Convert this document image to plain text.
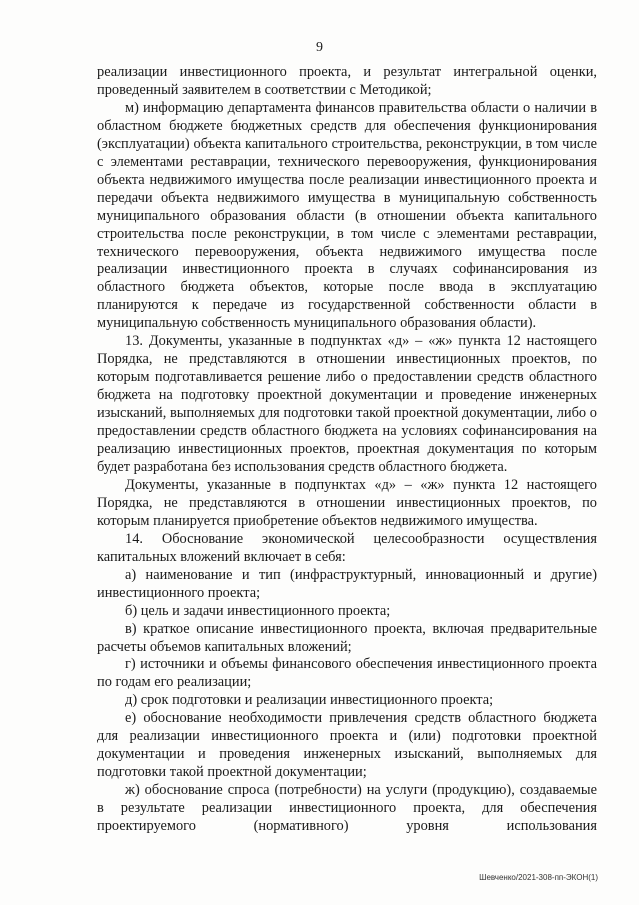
9

реализации инвестиционного проекта, и результат интегральной оценки, проведенный заявителем в соответствии с Методикой;

м) информацию департамента финансов правительства области о наличии в областном бюджете бюджетных средств для обеспечения функционирования (эксплуатации) объекта капитального строительства, реконструкции, в том числе с элементами реставрации, технического перевооружения, функционирования объекта недвижимого имущества после реализации инвестиционного проекта и передачи объекта недвижимого имущества в муниципальную собственность муниципального образования области (в отношении объекта капитального строительства после реконструкции, в том числе с элементами реставрации, технического перевооружения, объекта недвижимого имущества после реализации инвестиционного проекта в случаях софинансирования из областного бюджета объектов, которые после ввода в эксплуатацию планируются к передаче из государственной собственности области в муниципальную собственность муниципального образования области).

13. Документы, указанные в подпунктах «д» – «ж» пункта 12 настоящего Порядка, не представляются в отношении инвестиционных проектов, по которым подготавливается решение либо о предоставлении средств областного бюджета на подготовку проектной документации и проведение инженерных изысканий, выполняемых для подготовки такой проектной документации, либо о предоставлении средств областного бюджета на условиях софинансирования на реализацию инвестиционных проектов, проектная документация по которым будет разработана без использования средств областного бюджета.

Документы, указанные в подпунктах «д» – «ж» пункта 12 настоящего Порядка, не представляются в отношении инвестиционных проектов, по которым планируется приобретение объектов недвижимого имущества.

14. Обоснование экономической целесообразности осуществления капитальных вложений включает в себя:

а) наименование и тип (инфраструктурный, инновационный и другие) инвестиционного проекта;

б) цель и задачи инвестиционного проекта;

в) краткое описание инвестиционного проекта, включая предварительные расчеты объемов капитальных вложений;

г) источники и объемы финансового обеспечения инвестиционного проекта по годам его реализации;

д) срок подготовки и реализации инвестиционного проекта;

е) обоснование необходимости привлечения средств областного бюджета для реализации инвестиционного проекта и (или) подготовки проектной документации и проведения инженерных изысканий, выполняемых для подготовки такой проектной документации;

ж) обоснование спроса (потребности) на услуги (продукцию), создаваемые в результате реализации инвестиционного проекта, для обеспечения проектируемого (нормативного) уровня использования

Шевченко/2021-308-пп-ЭКОН(1)
